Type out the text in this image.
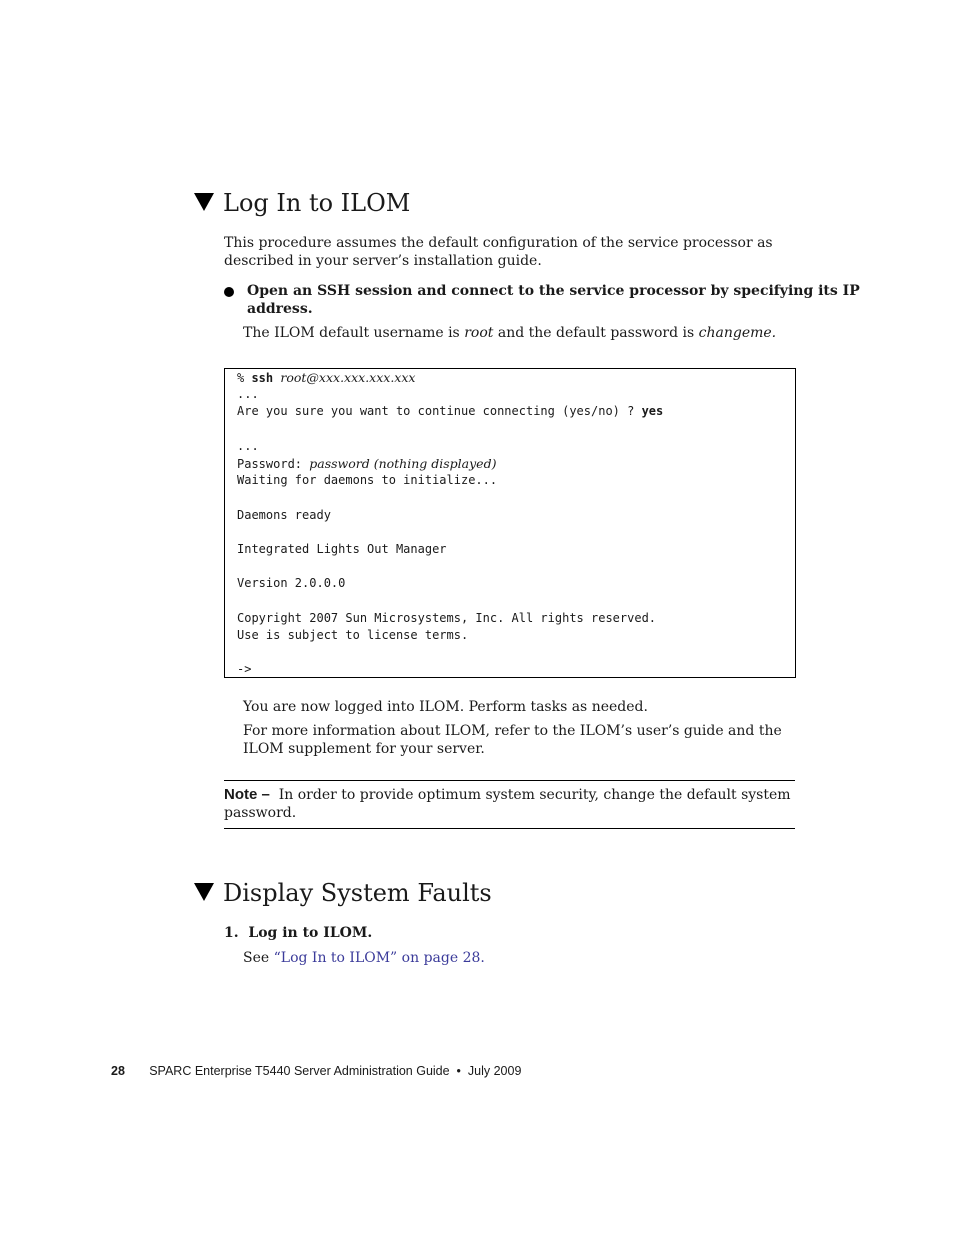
Log In to ILOM
This procedure assumes the default configuration of the service processor as
described in your server’s installation guide.
Open an SSH session and connect to the service processor by specifying its IP
address.
The ILOM default username is root and the default password is changeme.
% ssh root@xxx.xxx.xxx.xxx
...
Are you sure you want to continue connecting (yes/no) ? yes
...
Password: password (nothing displayed)
Waiting for daemons to initialize...
Daemons ready
Integrated Lights Out Manager
Version 2.0.0.0
Copyright 2007 Sun Microsystems, Inc. All rights reserved.
Use is subject to license terms.
->
You are now logged into ILOM. Perform tasks as needed.
For more information about ILOM, refer to the ILOM’s user’s guide and the
ILOM supplement for your server.
Note – In order to provide optimum system security, change the default system
password.
Display System Faults
1. Log in to ILOM.
See “Log In to ILOM” on page 28.
28 SPARC Enterprise T5440 Server Administration Guide • July 2009
